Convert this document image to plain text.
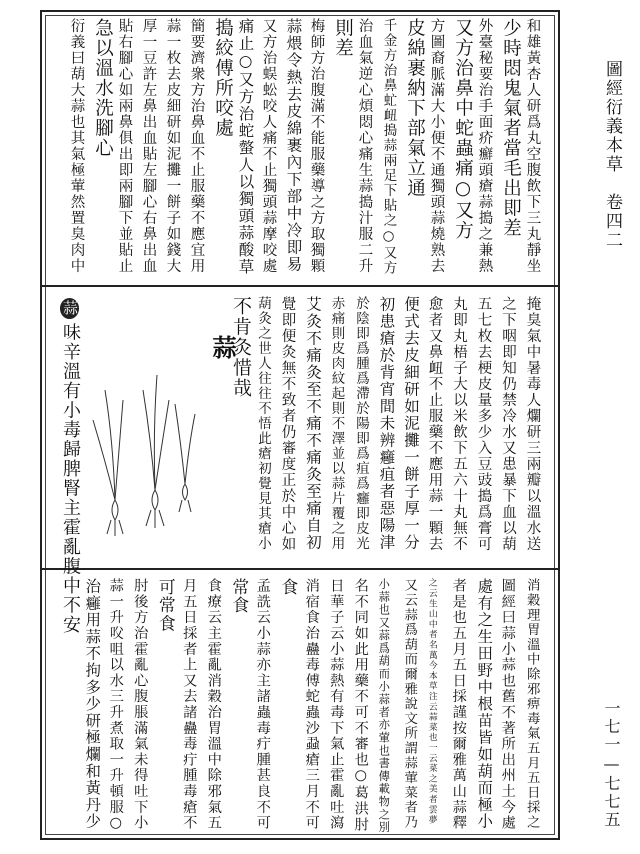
圖經衍義本草　卷四二
一七一—七七五
和雄黃杏人研爲丸空腹飲下三丸靜坐
少時悶鬼氣者當毛出即差
外臺秘要治手面疥癬頭瘡蒜搗之兼熱
又方治鼻中蛇蟲痛○又方
方圖裔脈滿大小便不通獨頭蒜燒熟去
皮綿裹納下部氣立通
千金方治鼻虻衄搗蒜兩足下貼之○又方
治血氣逆心煩悶心痛生蒜搗汁服二升
則差
梅師方治腹滿不能服藥導之方取獨顆
蒜煨令熱去皮綿裹內下部中冷即易
又方治蜈蚣咬人痛不止獨頭蒜摩咬處
痛止○又方治蛇螫人以獨頭蒜酸草
搗絞傅所咬處
簡要濟衆方治鼻血不止服藥不應宜用
蒜一枚去皮細研如泥攤一餅子如錢大
厚一豆許左鼻出血貼左腳心右鼻出血
貼右腳心如兩鼻俱出即兩腳下並貼止
急以溫水洗腳心
衍義曰葫大蒜也其氣極葷然置臭肉中
掩臭氣中暑毒人爛研三兩瓣以溫水送
之下咽即知仍禁冷水又患暴下血以葫
五七枚去梗皮量多少入豆豉搗爲膏可
丸即丸梧子大以米飲下五六十丸無不
愈者又鼻衄不止服藥不應用蒜一顆去
便式去皮細研如泥攤一餅子厚一分
初患瘡於背宵間未辨癰疽者惡陽津
於陰即爲腫爲滯於陽即爲疽爲癰即皮光
赤痛則皮肉紋起則不澤並以蒜片覆之用
艾灸不痛灸至不痛不痛灸至痛自初
覺即便灸無不致者仍審度正於中心如
葫灸之世人往往不悟此瘡初覺見其瘡小
不肯灸惜哉
蒜
蒜味辛溫有小毒歸脾腎主霍亂腹中不安
消穀理胃溫中除邪痹毒氣五月五日採之
圖經曰蒜小蒜也舊不著所出州土今處
處有之生田野中根苗皆如葫而極小
者是也五月五日採謹按爾雅萬山蒜釋
之云生山中者名萬今本草注云蒜菜也一云菜之美者雲夢
又云蒜爲葫而爾雅說文所謂蒜葷菜者乃
小蒜也又蒜爲葫而小蒜者亦葷也書傳載物之別
名不同如此用藥不可不審也○葛洪肘
日華子云小蒜熱有毒下氣止霍亂吐瀉
消宿食治蠱毒傅蛇蟲沙蝨瘡三月不可
食
孟詵云小蒜亦主諸蟲毒疔腫甚良不可
常食
食療云主霍亂消穀治胃溫中除邪氣五
月五日採者上又去諸蠱毒疔腫毒瘡不
可常食
肘後方治霍亂心腹脹滿氣未得吐下小
蒜一升㕮咀以水三升煮取一升頓服○
治癰用蒜不拘多少研極爛和黃丹少
